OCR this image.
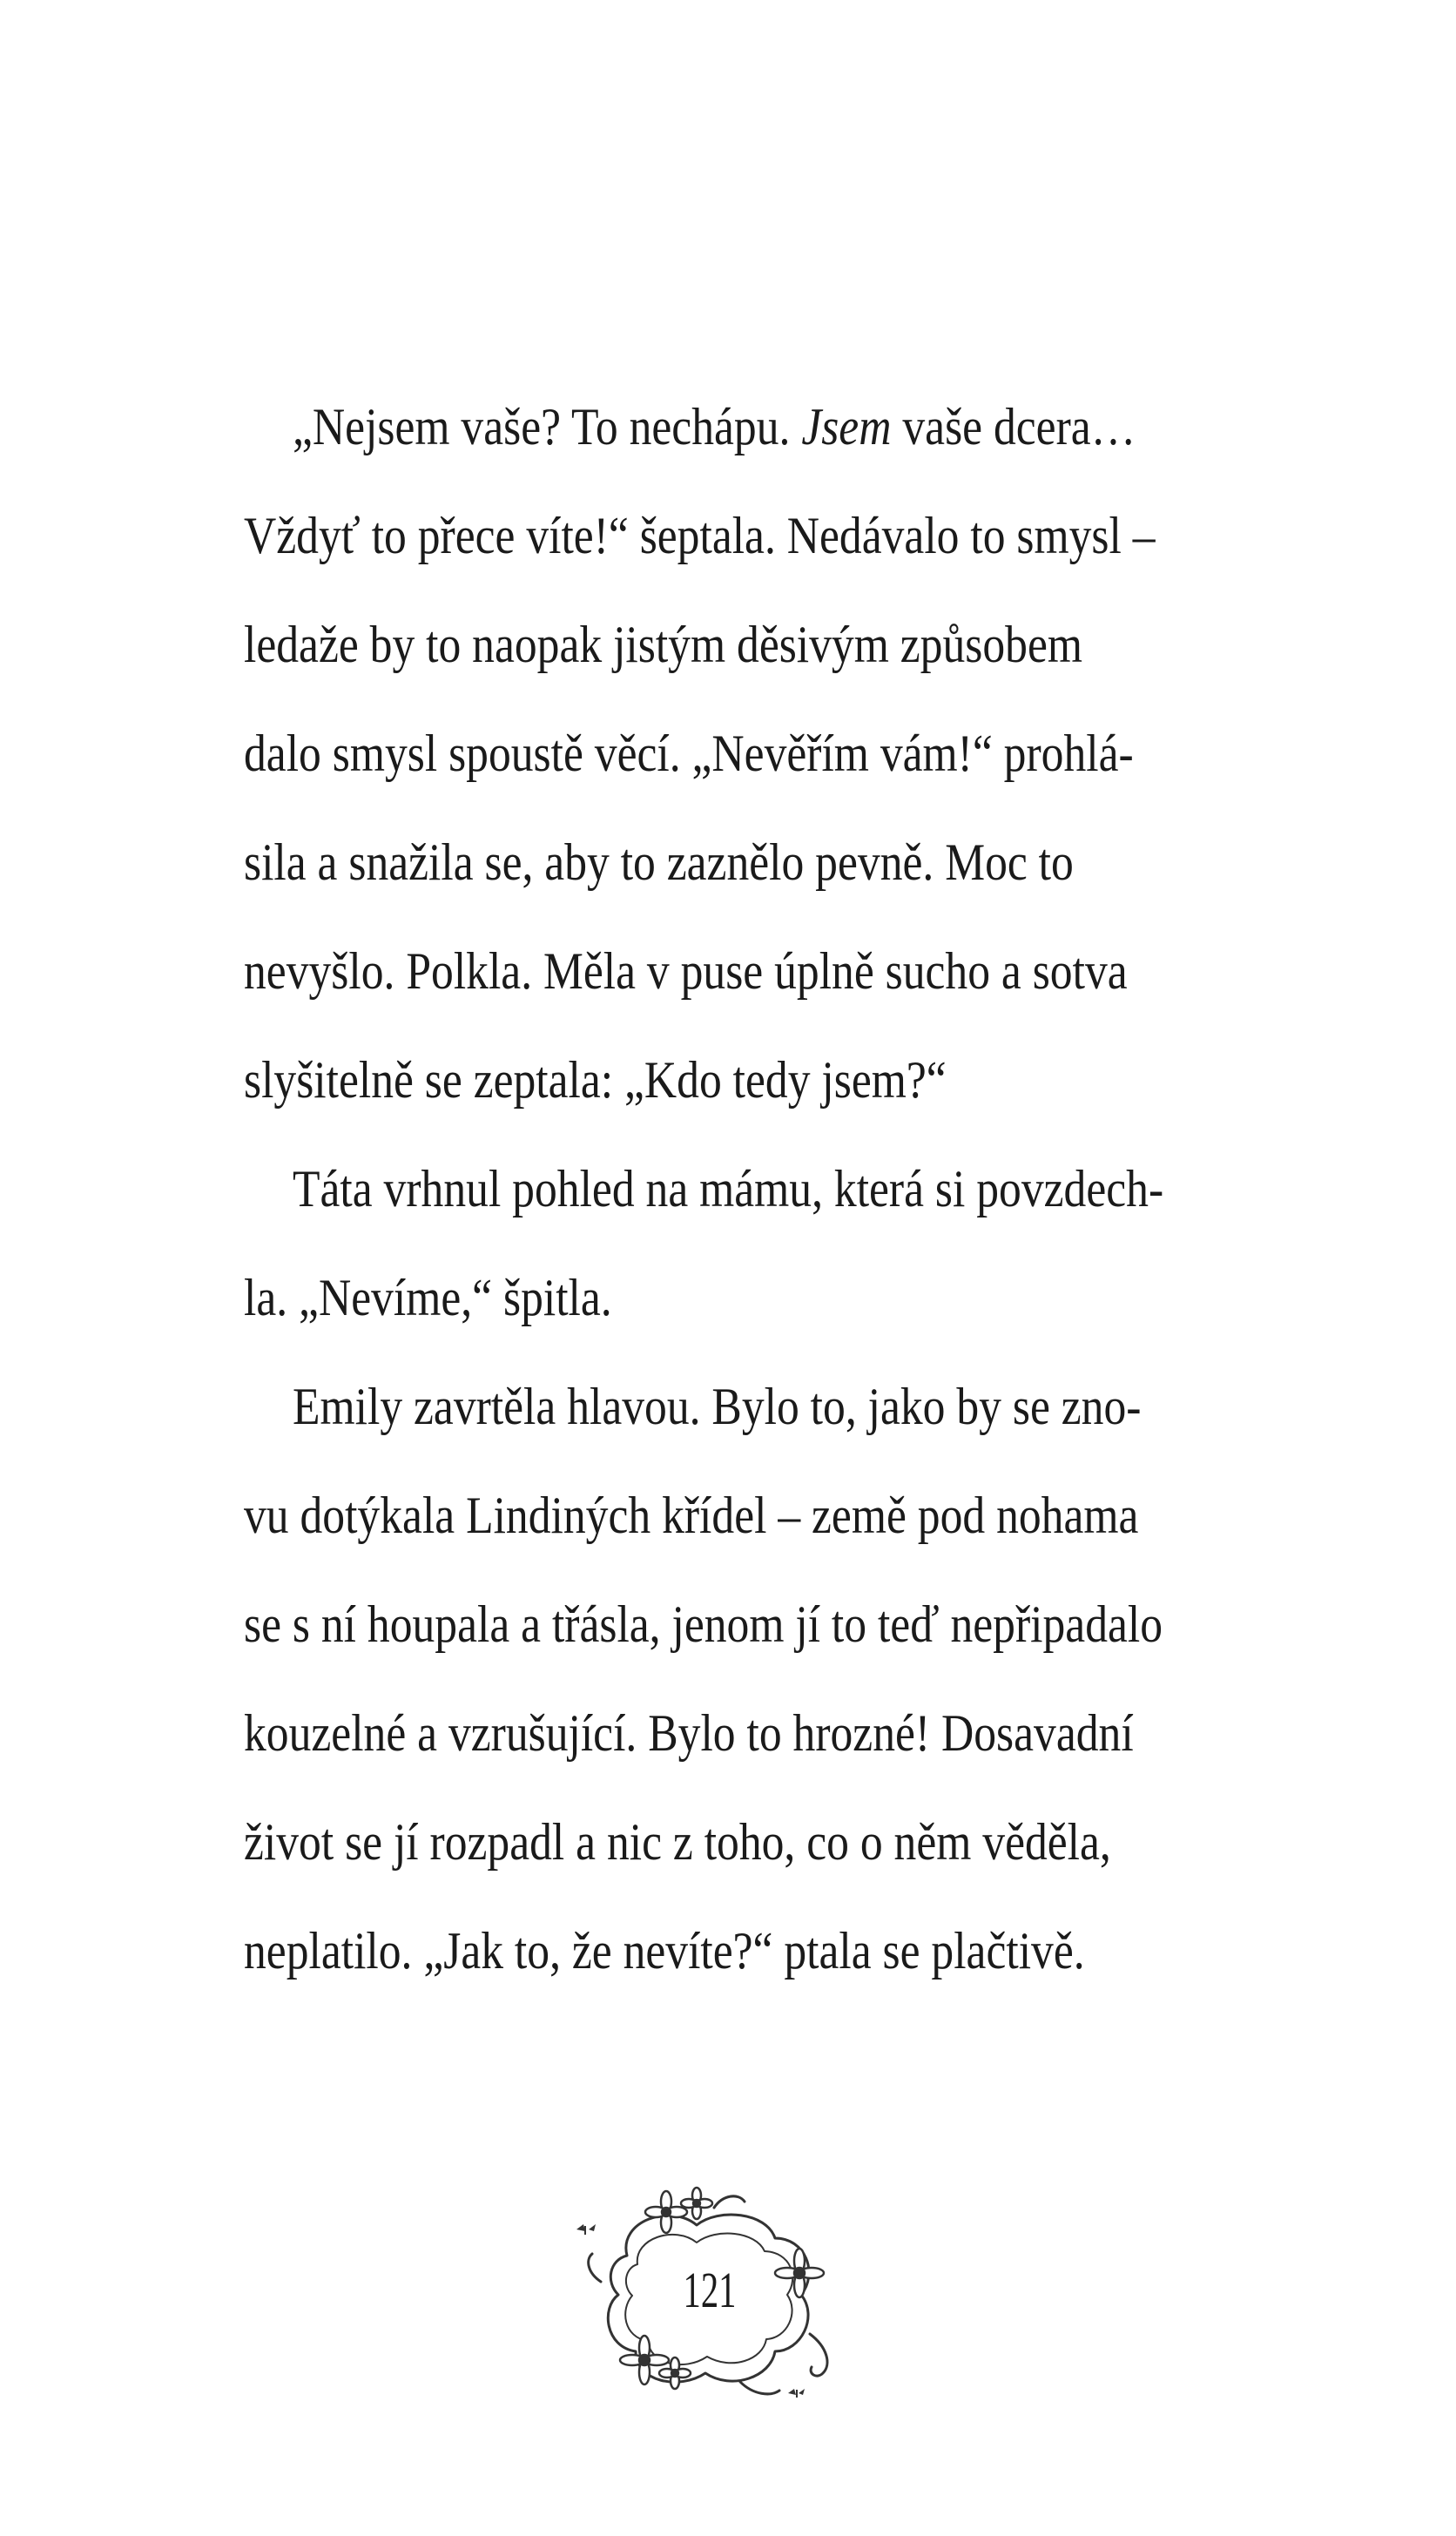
„Nejsem vaše? To nechápu. Jsem vaše dcera…
Vždyť to přece víte!“ šeptala. Nedávalo to smysl –
ledaže by to naopak jistým děsivým způsobem
dalo smysl spoustě věcí. „Nevěřím vám!“ prohlá-
sila a snažila se, aby to zaznělo pevně. Moc to
nevyšlo. Polkla. Měla v puse úplně sucho a sotva
slyšitelně se zeptala: „Kdo tedy jsem?“
Táta vrhnul pohled na mámu, která si povzdech-
la. „Nevíme,“ špitla.
Emily zavrtěla hlavou. Bylo to, jako by se zno-
vu dotýkala Lindiných křídel – země pod nohama
se s ní houpala a třásla, jenom jí to teď nepřipadalo
kouzelné a vzrušující. Bylo to hrozné! Dosavadní
život se jí rozpadl a nic z toho, co o něm věděla,
neplatilo. „Jak to, že nevíte?“ ptala se plačtivě.
121
